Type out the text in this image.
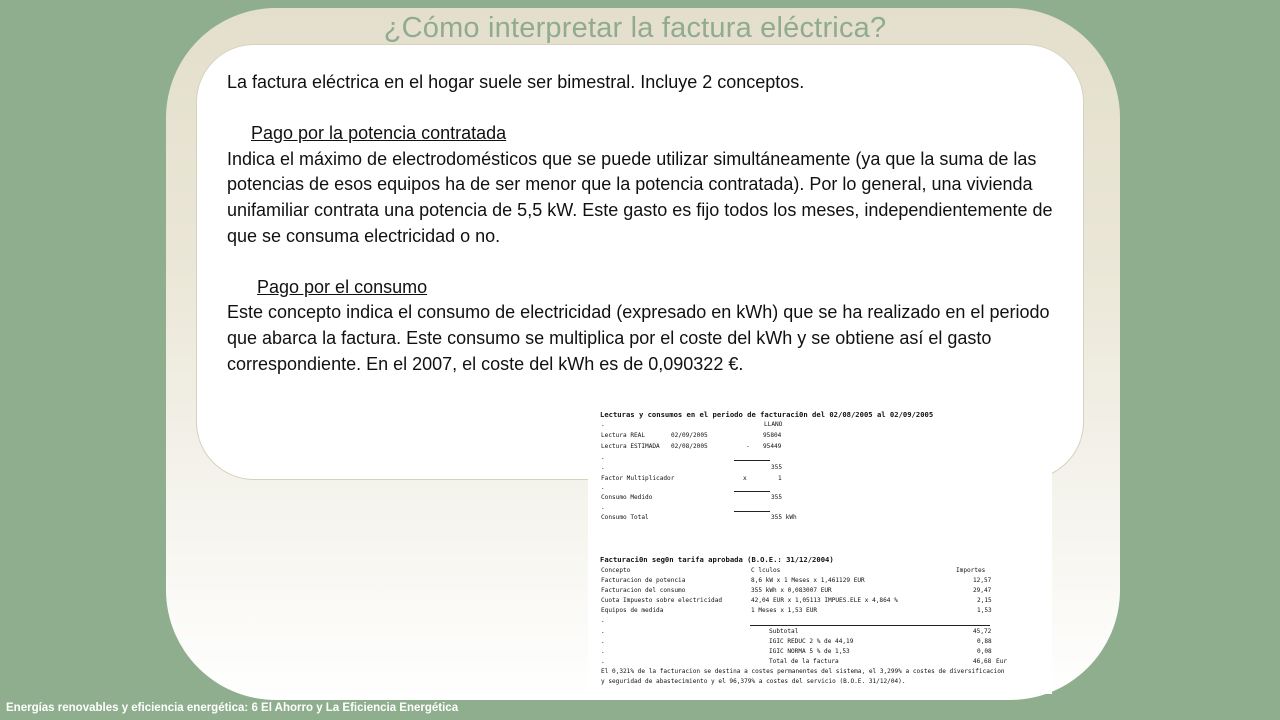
¿Cómo interpretar la factura eléctrica?

La factura eléctrica en el hogar suele ser bimestral. Incluye 2 conceptos.

Pago por la potencia contratada

Indica el máximo de electrodomésticos que se puede utilizar simultáneamente (ya que la suma de las potencias de esos equipos ha de ser menor que la potencia contratada). Por lo general, una vivienda unifamiliar contrata una potencia de 5,5 kW. Este gasto es fijo todos los meses, independientemente de que se consuma electricidad o no.

Pago por el consumo

Este concepto indica el consumo de electricidad (expresado en kWh) que se ha realizado en el periodo que abarca la factura. Este consumo se multiplica por el coste del kWh y se obtiene así el gasto correspondiente. En el 2007, el coste del kWh es de 0,090322 €.

Lecturas y consumos en el periodo de facturaci0n del 02/08/2005 al 02/09/2005
.	LLANO
Lectura REAL	02/09/2005	95804
Lectura ESTIMADA 02/08/2005	- 95449
.
.	355
Factor Multiplicador	x	1
.
Consumo Medido	355
.
Consumo Total	355 kWh
Facturaci0n seg0n tarifa aprobada (B.O.E.: 31/12/2004)
Concepto	C lculos	Importes
Facturacion de potencia	8,6 kW x 1 Meses x 1,461129 EUR	12,57
Facturacion del consumo	355 kWh x 0,083007 EUR	29,47
Cuota Impuesto sobre electricidad	42,04 EUR x 1,05113 IMPUES.ELE x 4,864 %	2,15
Equipos de medida	1 Meses x 1,53 EUR	1,53
.
.	Subtotal	45,72
.	IGIC REDUC 2 % de 44,19	0,88
.	IGIC NORMA 5 % de 1,53	0,08
.	Total de la factura	46,68 Eur
El 0,321% de la facturacion se destina a costes permanentes del sistema, el 3,299% a costes de diversificacion
y seguridad de abastecimiento y el 96,379% a costes del servicio (B.O.E. 31/12/04).
Energías renovables y eficiencia energética: 6 El Ahorro y La Eficiencia Energética
